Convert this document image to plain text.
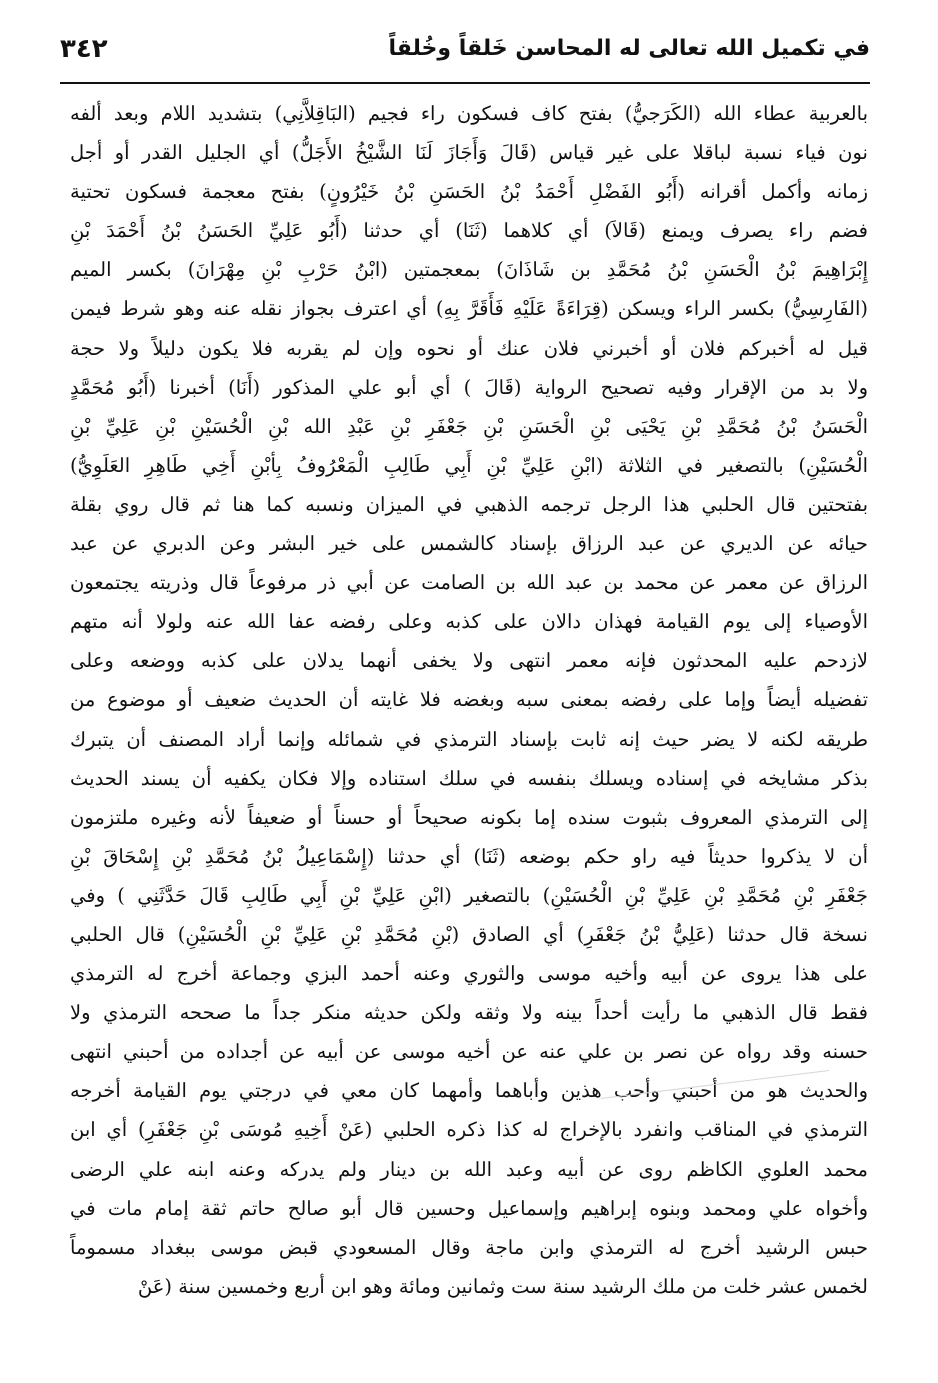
في تكميل الله تعالى له المحاسن خَلقاً وخُلقاً
٣٤٢
بالعربية عطاء الله (الكَرَجيُّ) بفتح كاف فسكون راء فجيم (البَاقِلاَّنِي) بتشديد اللام وبعد ألفه
نون فياء نسبة لباقلا على غير قياس (قَالَ وَأَجَازَ لَنَا الشَّيْخُ الأَجَلُّ) أي الجليل القدر أو أجل
زمانه وأكمل أقرانه (أَبُو الفَضْلِ أَحْمَدُ بْنُ الحَسَنِ بْنُ خَيْرُونٍ) بفتح معجمة فسكون تحتية
فضم راء يصرف ويمنع (قَالاَ) أي كلاهما (ثَنَا) أي حدثنا (أَبُو عَلِيِّ الحَسَنُ بْنُ أَحْمَدَ بْنِ
إِبْرَاهِيمَ بْنُ الْحَسَنِ بْنُ مُحَمَّدِ بن شَاذَانَ) بمعجمتين (ابْنُ حَرْبِ بْنِ مِهْرَانَ) بكسر الميم
(الفَارِسِيُّ) بكسر الراء ويسكن (قِرَاءَةً عَلَيْهِ فَأَقَرَّ بِهِ) أي اعترف بجواز نقله عنه وهو شرط فيمن
قيل له أخبركم فلان أو أخبرني فلان عنك أو نحوه وإن لم يقربه فلا يكون دليلاً ولا حجة
ولا بد من الإقرار وفيه تصحيح الرواية (قَالَ ) أي أبو علي المذكور (أَنَا) أخبرنا (أَبُو مُحَمَّدٍ
الْحَسَنُ بْنُ مُحَمَّدِ بْنِ يَحْيَى بْنِ الْحَسَنِ بْنِ جَعْفَرِ بْنِ عَبْدِ الله بْنِ الْحُسَيْنِ بْنِ عَلِيِّ بْنِ
الْحُسَيْنِ) بالتصغير في الثلاثة (ابْنِ عَلِيِّ بْنِ أَبِي طَالِبِ الْمَعْرُوفُ بِأبْنِ أَخِي طَاهِرِ العَلَوِيُّ)
بفتحتين قال الحلبي هذا الرجل ترجمه الذهبي في الميزان ونسبه كما هنا ثم قال روي بقلة
حيائه عن الديري عن عبد الرزاق بإسناد كالشمس على خير البشر وعن الدبري عن عبد
الرزاق عن معمر عن محمد بن عبد الله بن الصامت عن أبي ذر مرفوعاً قال وذريته يجتمعون
الأوصياء إلى يوم القيامة فهذان دالان على كذبه وعلى رفضه عفا الله عنه ولولا أنه متهم
لازدحم عليه المحدثون فإنه معمر انتهى ولا يخفى أنهما يدلان على كذبه ووضعه وعلى
تفضيله أيضاً وإما على رفضه بمعنى سبه وبغضه فلا غايته أن الحديث ضعيف أو موضوع من
طريقه لكنه لا يضر حيث إنه ثابت بإسناد الترمذي في شمائله وإنما أراد المصنف أن يتبرك
بذكر مشايخه في إسناده ويسلك بنفسه في سلك استناده وإلا فكان يكفيه أن يسند الحديث
إلى الترمذي المعروف بثبوت سنده إما بكونه صحيحاً أو حسناً أو ضعيفاً لأنه وغيره ملتزمون
أن لا يذكروا حديثاً فيه راو حكم بوضعه (ثَنَا) أي حدثنا (إِسْمَاعِيلُ بْنُ مُحَمَّدِ بْنِ إِسْحَاقَ بْنِ
جَعْفَرِ بْنِ مُحَمَّدِ بْنِ عَلِيِّ بْنِ الْحُسَيْنِ) بالتصغير (ابْنِ عَلِيِّ بْنِ أَبِي طَالِبِ قَالَ حَدَّثَنِي ) وفي
نسخة قال حدثنا (عَلِيُّ بْنُ جَعْفَرِ) أي الصادق (بْنِ مُحَمَّدِ بْنِ عَلِيِّ بْنِ الْحُسَيْنِ) قال الحلبي
على هذا يروى عن أبيه وأخيه موسى والثوري وعنه أحمد البزي وجماعة أخرج له الترمذي
فقط قال الذهبي ما رأيت أحداً بينه ولا وثقه ولكن حديثه منكر جداً ما صححه الترمذي ولا
حسنه وقد رواه عن نصر بن علي عنه عن أخيه موسى عن أبيه عن أجداده من أحبني انتهى
والحديث هو من أحبني وأحب هذين وأباهما وأمهما كان معي في درجتي يوم القيامة أخرجه
الترمذي في المناقب وانفرد بالإخراج له كذا ذكره الحلبي (عَنْ أَخِيهِ مُوسَى بْنِ جَعْفَرِ) أي ابن
محمد العلوي الكاظم روى عن أبيه وعبد الله بن دينار ولم يدركه وعنه ابنه علي الرضى
وأخواه علي ومحمد وبنوه إبراهيم وإسماعيل وحسين قال أبو صالح حاتم ثقة إمام مات في
حبس الرشيد أخرج له الترمذي وابن ماجة وقال المسعودي قبض موسى ببغداد مسموماً
لخمس عشر خلت من ملك الرشيد سنة ست وثمانين ومائة وهو ابن أربع وخمسين سنة (عَنْ
